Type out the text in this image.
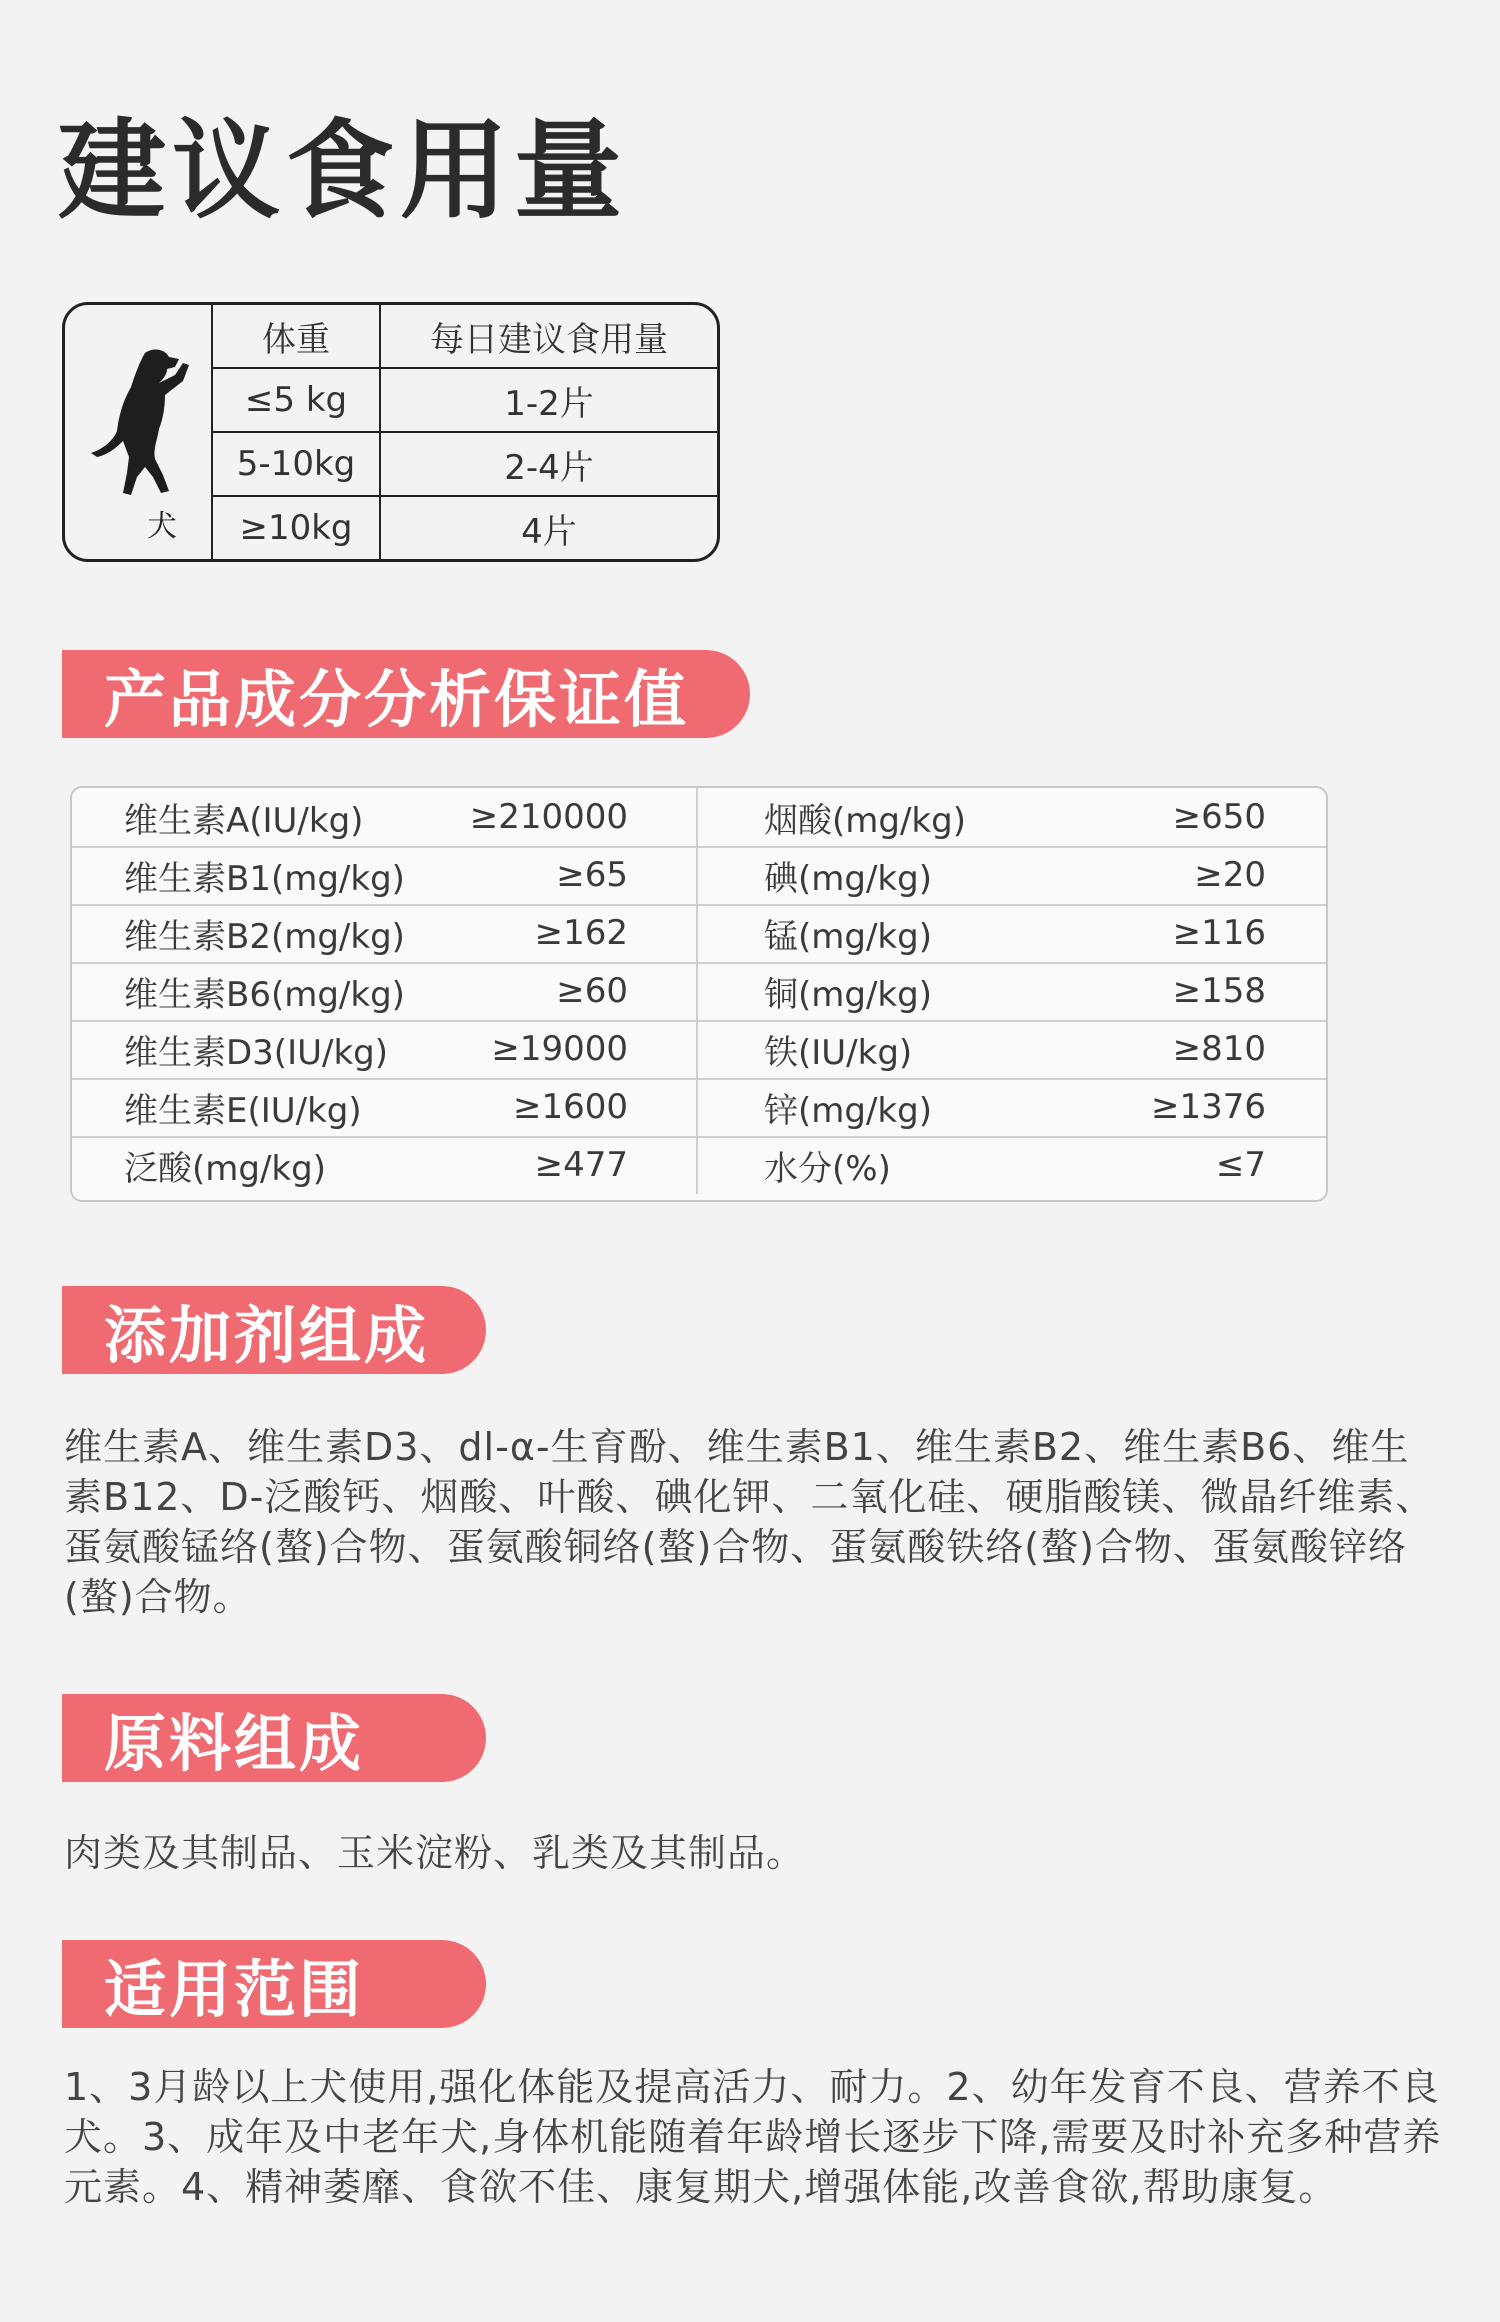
建议食用量
犬
体重	每日建议食用量
≤5 kg	1-2片
5-10kg	2-4片
≥10kg	4片
产品成分分析保证值
维生素A(IU/kg)	≥210000	烟酸(mg/kg)	≥650
维生素B1(mg/kg)	≥65	碘(mg/kg)	≥20
维生素B2(mg/kg)	≥162	锰(mg/kg)	≥116
维生素B6(mg/kg)	≥60	铜(mg/kg)	≥158
维生素D3(IU/kg)	≥19000	铁(IU/kg)	≥810
维生素E(IU/kg)	≥1600	锌(mg/kg)	≥1376
泛酸(mg/kg)	≥477	水分(%)	≤7
添加剂组成
维生素A、维生素D3、dl-α-生育酚、维生素B1、维生素B2、维生素B6、维生素B12、D-泛酸钙、烟酸、叶酸、碘化钾、二氧化硅、硬脂酸镁、微晶纤维素、蛋氨酸锰络(螯)合物、蛋氨酸铜络(螯)合物、蛋氨酸铁络(螯)合物、蛋氨酸锌络(螯)合物。
原料组成
肉类及其制品、玉米淀粉、乳类及其制品。
适用范围
1、3月龄以上犬使用,强化体能及提高活力、耐力。2、幼年发育不良、营养不良犬。3、成年及中老年犬,身体机能随着年龄增长逐步下降,需要及时补充多种营养元素。4、精神萎靡、食欲不佳、康复期犬,增强体能,改善食欲,帮助康复。
